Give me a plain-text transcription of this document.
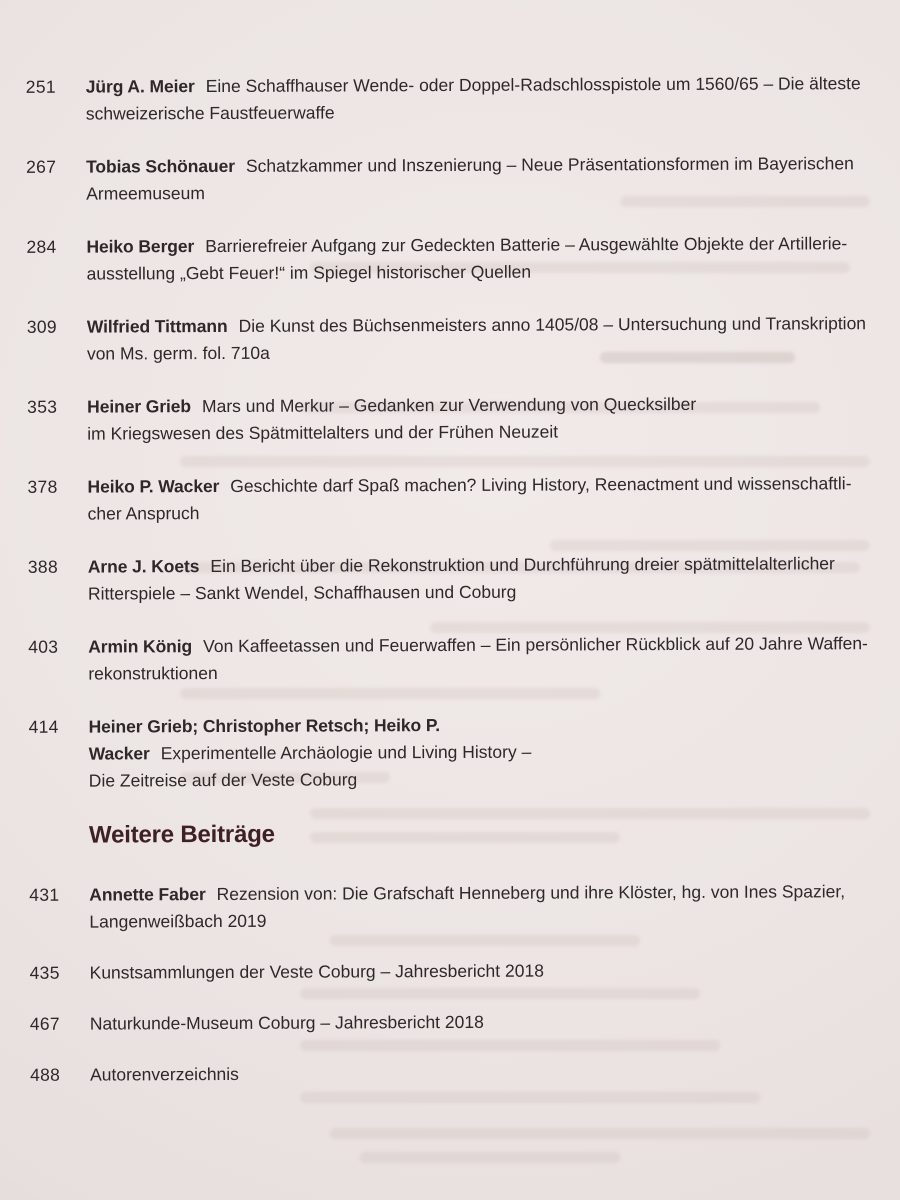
251	Jürg A. Meier Eine Schaffhauser Wende- oder Doppel-Radschlosspistole um 1560/65 – Die älteste
schweizerische Faustfeuerwaffe
267	Tobias Schönauer Schatzkammer und Inszenierung – Neue Präsentationsformen im Bayerischen
Armeemuseum
284	Heiko Berger Barrierefreier Aufgang zur Gedeckten Batterie – Ausgewählte Objekte der Artillerie-
ausstellung „Gebt Feuer!“ im Spiegel historischer Quellen
309	Wilfried Tittmann Die Kunst des Büchsenmeisters anno 1405/08 – Untersuchung und Transkription
von Ms. germ. fol. 710a
353	Heiner Grieb Mars und Merkur – Gedanken zur Verwendung von Quecksilber
im Kriegswesen des Spätmittelalters und der Frühen Neuzeit
378	Heiko P. Wacker Geschichte darf Spaß machen? Living History, Reenactment und wissenschaftli-
cher Anspruch
388	Arne J. Koets Ein Bericht über die Rekonstruktion und Durchführung dreier spätmittelalterlicher
Ritterspiele – Sankt Wendel, Schaffhausen und Coburg
403	Armin König Von Kaffeetassen und Feuerwaffen – Ein persönlicher Rückblick auf 20 Jahre Waffen-
rekonstruktionen
414	Heiner Grieb; Christopher Retsch; Heiko P. Wacker Experimentelle Archäologie und Living History –
Die Zeitreise auf der Veste Coburg
Weitere Beiträge
431	Annette Faber Rezension von: Die Grafschaft Henneberg und ihre Klöster, hg. von Ines Spazier,
Langenweißbach 2019
435	Kunstsammlungen der Veste Coburg – Jahresbericht 2018
467	Naturkunde-Museum Coburg – Jahresbericht 2018
488	Autorenverzeichnis
